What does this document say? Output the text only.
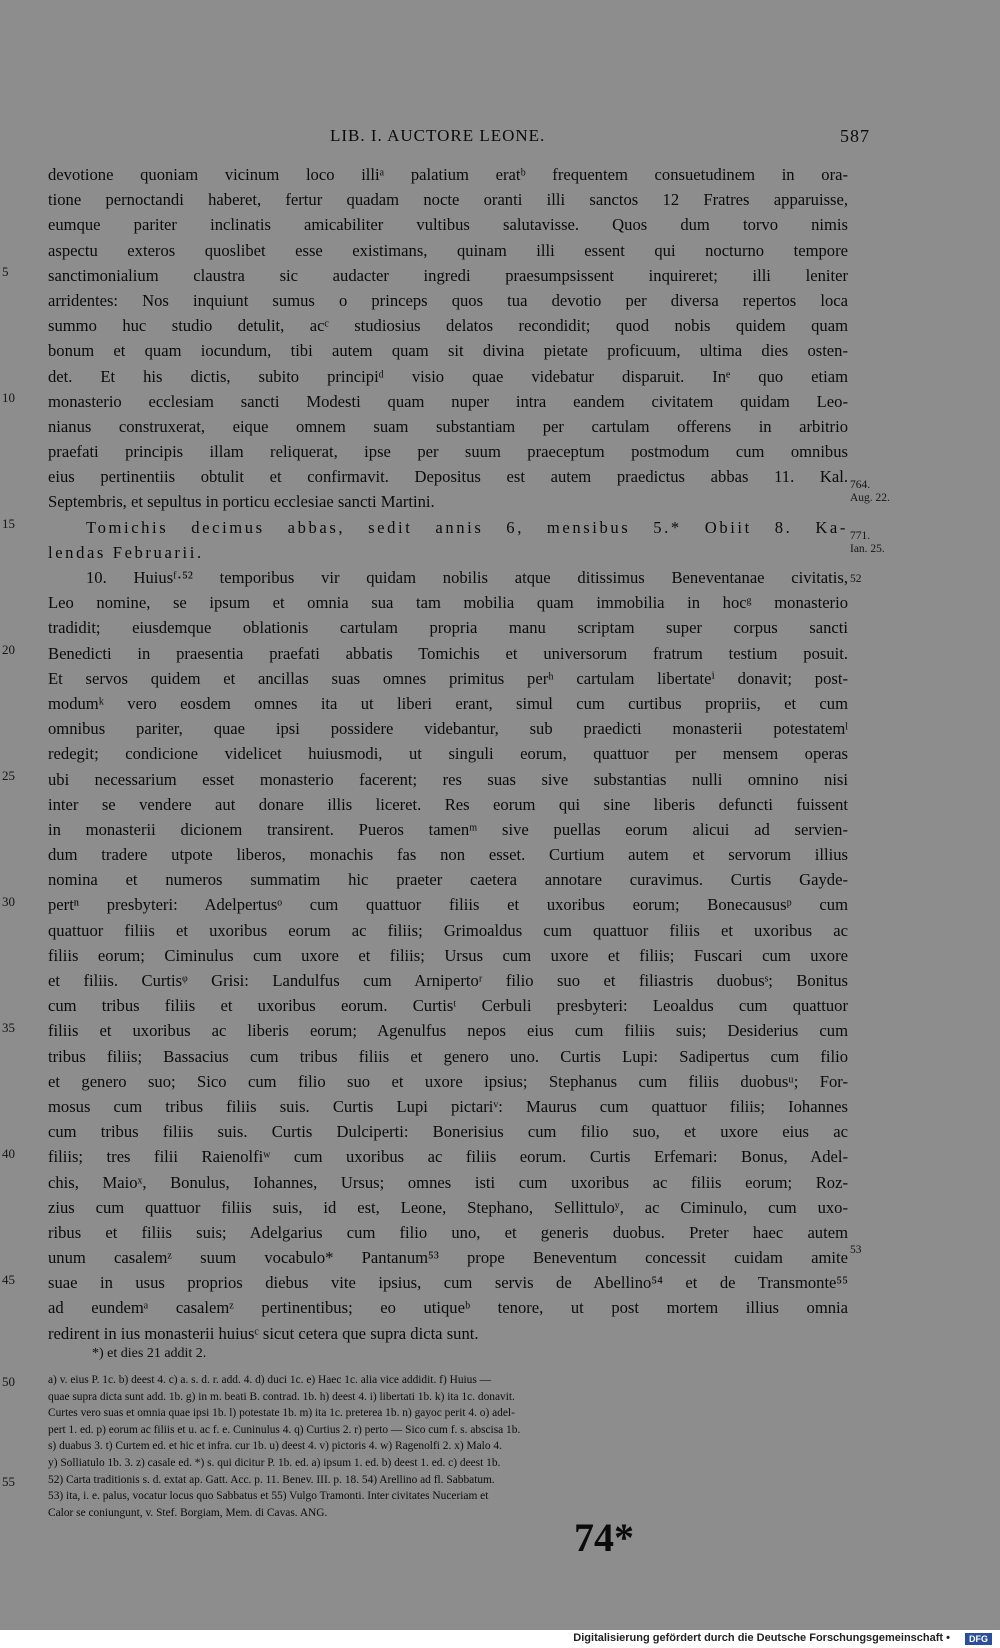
LIB. I. AUCTORE LEONE.	587
devotione quoniam vicinum loco illiᵃ palatium eratᵇ frequentem consuetudinem in ora-
tione pernoctandi haberet, fertur quadam nocte oranti illi sanctos 12 Fratres apparuisse,
eumque pariter inclinatis amicabiliter vultibus salutavisse. Quos dum torvo nimis
aspectu exteros quoslibet esse existimans, quinam illi essent qui nocturno tempore
sanctimonialium claustra sic audacter ingredi praesumpsissent inquireret; illi leniter
arridentes: Nos inquiunt sumus o princeps quos tua devotio per diversa repertos loca
summo huc studio detulit, acᶜ studiosius delatos recondidit; quod nobis quidem quam
bonum et quam iocundum, tibi autem quam sit divina pietate proficuum, ultima dies osten-
det. Et his dictis, subito principiᵈ visio quae videbatur disparuit. Inᵉ quo etiam
monasterio ecclesiam sancti Modesti quam nuper intra eandem civitatem quidam Leo-
nianus construxerat, eique omnem suam substantiam per cartulam offerens in arbitrio
praefati principis illam reliquerat, ipse per suum praeceptum postmodum cum omnibus
eius pertinentiis obtulit et confirmavit. Depositus est autem praedictus abbas 11. Kal.
Septembris, et sepultus in porticu ecclesiae sancti Martini.
Tomichis decimus abbas, sedit annis 6, mensibus 5.* Obiit 8. Ka-
lendas Februarii.
10. Huiusᶠ·⁵² temporibus vir quidam nobilis atque ditissimus Beneventanae civitatis,
Leo nomine, se ipsum et omnia sua tam mobilia quam immobilia in hocᵍ monasterio
tradidit; eiusdemque oblationis cartulam propria manu scriptam super corpus sancti
Benedicti in praesentia praefati abbatis Tomichis et universorum fratrum testium posuit.
Et servos quidem et ancillas suas omnes primitus perʰ cartulam libertateⁱ donavit; post-
modumᵏ vero eosdem omnes ita ut liberi erant, simul cum curtibus propriis, et cum
omnibus pariter, quae ipsi possidere videbantur, sub praedicti monasterii potestatemˡ
redegit; condicione videlicet huiusmodi, ut singuli eorum, quattuor per mensem operas
ubi necessarium esset monasterio facerent; res suas sive substantias nulli omnino nisi
inter se vendere aut donare illis liceret. Res eorum qui sine liberis defuncti fuissent
in monasterii dicionem transirent. Pueros tamenᵐ sive puellas eorum alicui ad servien-
dum tradere utpote liberos, monachis fas non esset. Curtium autem et servorum illius
nomina et numeros summatim hic praeter caetera annotare curavimus. Curtis Gayde-
pertⁿ presbyteri: Adelpertusᵒ cum quattuor filiis et uxoribus eorum; Bonecaususᵖ cum
quattuor filiis et uxoribus eorum ac filiis; Grimoaldus cum quattuor filiis et uxoribus ac
filiis eorum; Ciminulus cum uxore et filiis; Ursus cum uxore et filiis; Fuscari cum uxore
et filiis. Curtisᵠ Grisi: Landulfus cum Arnipertoʳ filio suo et filiastris duobusˢ; Bonitus
cum tribus filiis et uxoribus eorum. Curtisᵗ Cerbuli presbyteri: Leoaldus cum quattuor
filiis et uxoribus ac liberis eorum; Agenulfus nepos eius cum filiis suis; Desiderius cum
tribus filiis; Bassacius cum tribus filiis et genero uno. Curtis Lupi: Sadipertus cum filio
et genero suo; Sico cum filio suo et uxore ipsius; Stephanus cum filiis duobusᵘ; For-
mosus cum tribus filiis suis. Curtis Lupi pictariᵛ: Maurus cum quattuor filiis; Iohannes
cum tribus filiis suis. Curtis Dulciperti: Bonerisius cum filio suo, et uxore eius ac
filiis; tres filii Raienolfiʷ cum uxoribus ac filiis eorum. Curtis Erfemari: Bonus, Adel-
chis, Maioˣ, Bonulus, Iohannes, Ursus; omnes isti cum uxoribus ac filiis eorum; Roz-
zius cum quattuor filiis suis, id est, Leone, Stephano, Sellittuloʸ, ac Ciminulo, cum uxo-
ribus et filiis suis; Adelgarius cum filio uno, et generis duobus. Preter haec autem
unum casalemᶻ suum vocabulo* Pantanum⁵³ prope Beneventum concessit cuidam amite
suae in usus proprios diebus vite ipsius, cum servis de Abellino⁵⁴ et de Transmonte⁵⁵
ad eundemᵃ casalemᶻ pertinentibus; eo utiqueᵇ tenore, ut post mortem illius omnia
redirent in ius monasterii huiusᶜ sicut cetera que supra dicta sunt.
5
10
15
20
25
30
35
40
45
764.
Aug. 22.
771.
Ian. 25.
52
53
*) et dies 21 addit 2.
a) v. eius P. 1c. b) deest 4. c) a. s. d. r. add. 4. d) duci 1c. e) Haec 1c. alia vice addidit. f) Huius —
quae supra dicta sunt add. 1b. g) in m. beati B. contrad. 1b. h) deest 4. i) libertati 1b. k) ita 1c. donavit.
Curtes vero suas et omnia quae ipsi 1b. l) potestate 1b. m) ita 1c. preterea 1b. n) gayoc perit 4. o) adel-
pert 1. ed. p) eorum ac filiis et u. ac f. e. Cuninulus 4. q) Curtius 2. r) perto — Sico cum f. s. abscisa 1b.
s) duabus 3. t) Curtem ed. et hic et infra. cur 1b. u) deest 4. v) pictoris 4. w) Ragenolfi 2. x) Malo 4.
y) Solliatulo 1b. 3. z) casale ed. *) s. qui dicitur P. 1b. ed. a) ipsum 1. ed. b) deest 1. ed. c) deest 1b.
52) Carta traditionis s. d. extat ap. Gatt. Acc. p. 11. Benev. III. p. 18. 54) Arellino ad fl. Sabbatum.
53) ita, i. e. palus, vocatur locus quo Sabbatus et 55) Vulgo Tramonti. Inter civitates Nuceriam et
Calor se coniungunt, v. Stef. Borgiam, Mem. di Cavas. ANG.
50
55
74*
Digitalisierung gefördert durch die Deutsche Forschungsgemeinschaft •	DFG
